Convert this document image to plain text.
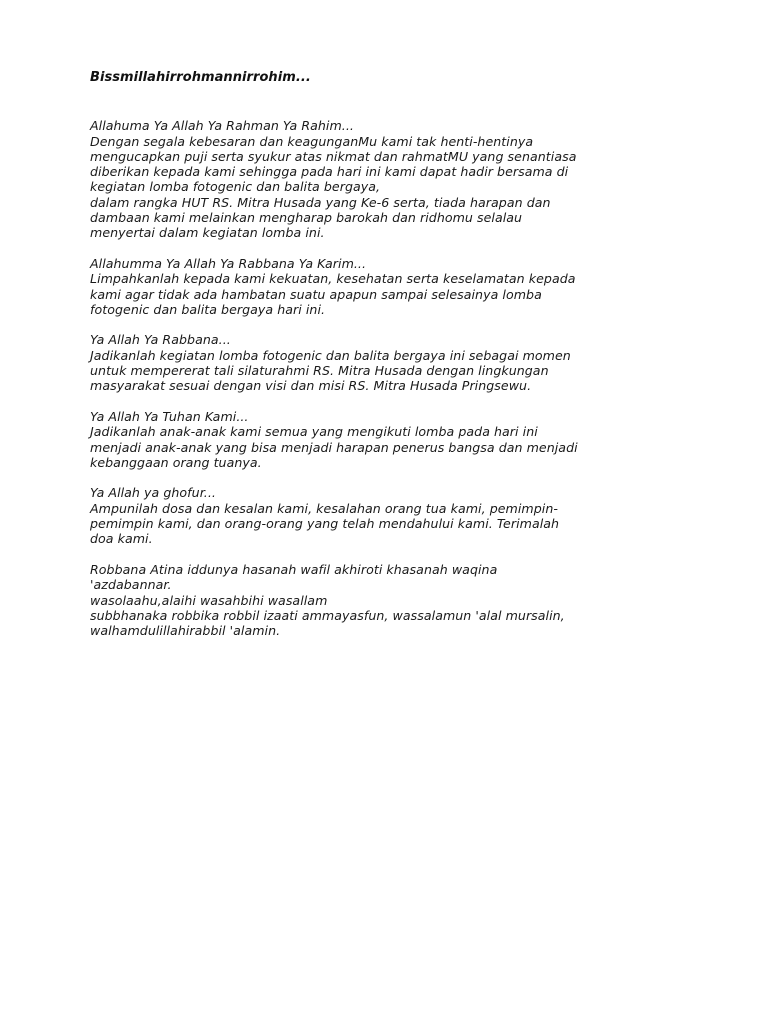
Bissmillahirrohmannirrohim...
Allahuma Ya Allah Ya Rahman Ya Rahim...
Dengan segala kebesaran dan keagunganMu kami tak henti-hentinya
mengucapkan puji serta syukur atas nikmat dan rahmatMU yang senantiasa
diberikan kepada kami sehingga pada hari ini kami dapat hadir bersama di
kegiatan lomba fotogenic dan balita bergaya,
dalam rangka HUT RS. Mitra Husada yang Ke-6 serta, tiada harapan dan
dambaan kami melainkan mengharap barokah dan ridhomu selalau
menyertai dalam kegiatan lomba ini.
Allahumma Ya Allah Ya Rabbana Ya Karim...
Limpahkanlah kepada kami kekuatan, kesehatan serta keselamatan kepada
kami agar tidak ada hambatan suatu apapun sampai selesainya lomba
fotogenic dan balita bergaya hari ini.
Ya Allah Ya Rabbana...
Jadikanlah kegiatan lomba fotogenic dan balita bergaya ini sebagai momen
untuk mempererat tali silaturahmi RS. Mitra Husada dengan lingkungan
masyarakat sesuai dengan visi dan misi RS. Mitra Husada Pringsewu.
Ya Allah Ya Tuhan Kami...
Jadikanlah anak-anak kami semua yang mengikuti lomba pada hari ini
menjadi anak-anak yang bisa menjadi harapan penerus bangsa dan menjadi
kebanggaan orang tuanya.
Ya Allah ya ghofur...
Ampunilah dosa dan kesalan kami, kesalahan orang tua kami, pemimpin-
pemimpin kami, dan orang-orang yang telah mendahului kami. Terimalah
doa kami.
Robbana Atina iddunya hasanah wafil akhiroti khasanah waqina
'azdabannar.
wasolaahu,alaihi wasahbihi wasallam
subbhanaka robbika robbil izaati ammayasfun, wassalamun 'alal mursalin,
walhamdulillahirabbil 'alamin.
